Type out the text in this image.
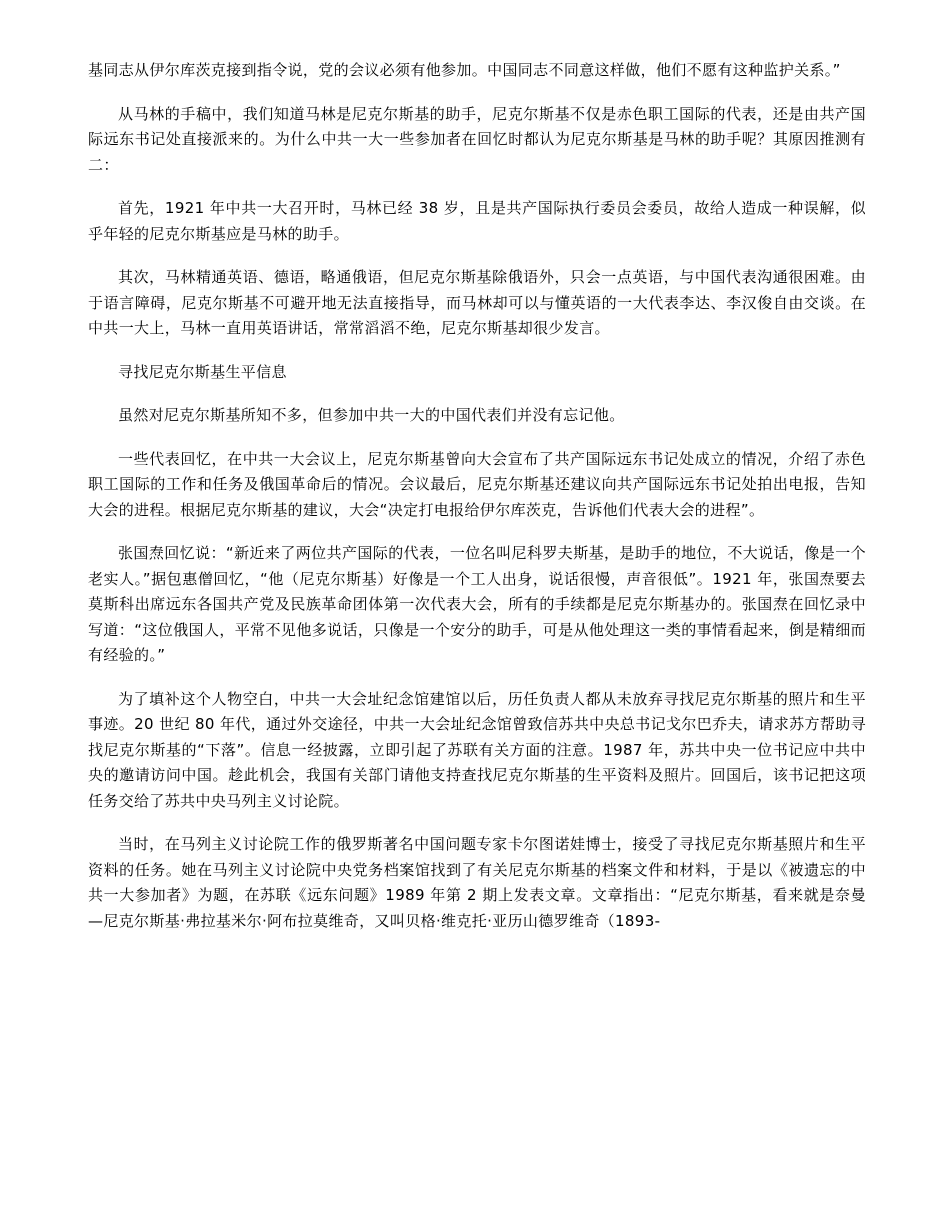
基同志从伊尔库茨克接到指令说，党的会议必须有他参加。中国同志不同意这样做，他们不愿有这种监护关系。”

从马林的手稿中，我们知道马林是尼克尔斯基的助手，尼克尔斯基不仅是赤色职工国际的代表，还是由共产国际远东书记处直接派来的。为什么中共一大一些参加者在回忆时都认为尼克尔斯基是马林的助手呢？其原因推测有二：

首先，1921 年中共一大召开时，马林已经 38 岁，且是共产国际执行委员会委员，故给人造成一种误解，似乎年轻的尼克尔斯基应是马林的助手。

其次，马林精通英语、德语，略通俄语，但尼克尔斯基除俄语外，只会一点英语，与中国代表沟通很困难。由于语言障碍，尼克尔斯基不可避开地无法直接指导，而马林却可以与懂英语的一大代表李达、李汉俊自由交谈。在中共一大上，马林一直用英语讲话，常常滔滔不绝，尼克尔斯基却很少发言。

寻找尼克尔斯基生平信息

虽然对尼克尔斯基所知不多，但参加中共一大的中国代表们并没有忘记他。

一些代表回忆，在中共一大会议上，尼克尔斯基曾向大会宣布了共产国际远东书记处成立的情况，介绍了赤色职工国际的工作和任务及俄国革命后的情况。会议最后，尼克尔斯基还建议向共产国际远东书记处拍出电报，告知大会的进程。根据尼克尔斯基的建议，大会“决定打电报给伊尔库茨克，告诉他们代表大会的进程”。

张国焘回忆说：“新近来了两位共产国际的代表，一位名叫尼科罗夫斯基，是助手的地位，不大说话，像是一个老实人。”据包惠僧回忆，“他（尼克尔斯基）好像是一个工人出身，说话很慢，声音很低”。1921 年，张国焘要去莫斯科出席远东各国共产党及民族革命团体第一次代表大会，所有的手续都是尼克尔斯基办的。张国焘在回忆录中写道：“这位俄国人，平常不见他多说话，只像是一个安分的助手，可是从他处理这一类的事情看起来，倒是精细而有经验的。”

为了填补这个人物空白，中共一大会址纪念馆建馆以后，历任负责人都从未放弃寻找尼克尔斯基的照片和生平事迹。20 世纪 80 年代，通过外交途径，中共一大会址纪念馆曾致信苏共中央总书记戈尔巴乔夫，请求苏方帮助寻找尼克尔斯基的“下落”。信息一经披露，立即引起了苏联有关方面的注意。1987 年，苏共中央一位书记应中共中央的邀请访问中国。趁此机会，我国有关部门请他支持查找尼克尔斯基的生平资料及照片。回国后，该书记把这项任务交给了苏共中央马列主义讨论院。

当时，在马列主义讨论院工作的俄罗斯著名中国问题专家卡尔图诺娃博士，接受了寻找尼克尔斯基照片和生平资料的任务。她在马列主义讨论院中央党务档案馆找到了有关尼克尔斯基的档案文件和材料，于是以《被遗忘的中共一大参加者》为题，在苏联《远东问题》1989 年第 2 期上发表文章。文章指出：“尼克尔斯基，看来就是奈曼—尼克尔斯基·弗拉基米尔·阿布拉莫维奇，又叫贝格·维克托·亚历山德罗维奇（1893-
